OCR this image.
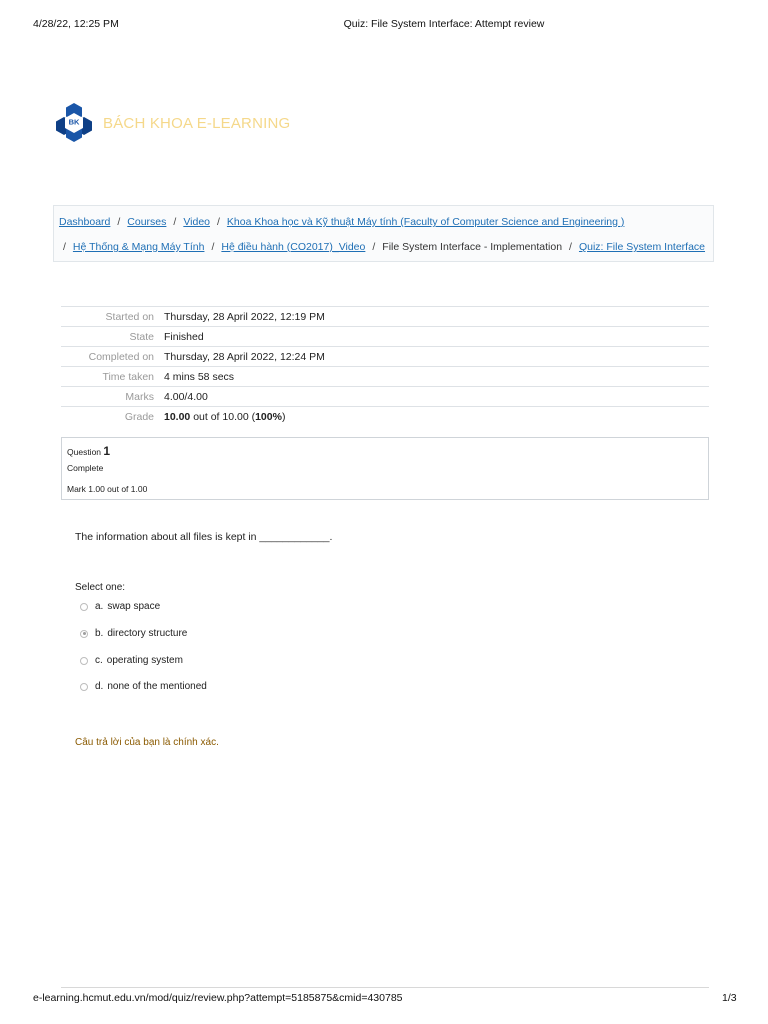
4/28/22, 12:25 PM	Quiz: File System Interface: Attempt review
BK BÁCH KHOA E-LEARNING
Dashboard / Courses / Video / Khoa Khoa học và Kỹ thuật Máy tính (Faculty of Computer Science and Engineering )
/ Hệ Thống & Mạng Máy Tính / Hệ điều hành (CO2017)_Video / File System Interface - Implementation / Quiz: File System Interface
Started on	Thursday, 28 April 2022, 12:19 PM
State	Finished
Completed on	Thursday, 28 April 2022, 12:24 PM
Time taken	4 mins 58 secs
Marks	4.00/4.00
Grade	10.00 out of 10.00 (100%)
Question 1
Complete
Mark 1.00 out of 1.00
The information about all files is kept in ____________.
Select one:
a. swap space
b. directory structure
c. operating system
d. none of the mentioned
Câu trả lời của bạn là chính xác.
e-learning.hcmut.edu.vn/mod/quiz/review.php?attempt=5185875&cmid=430785	1/3
